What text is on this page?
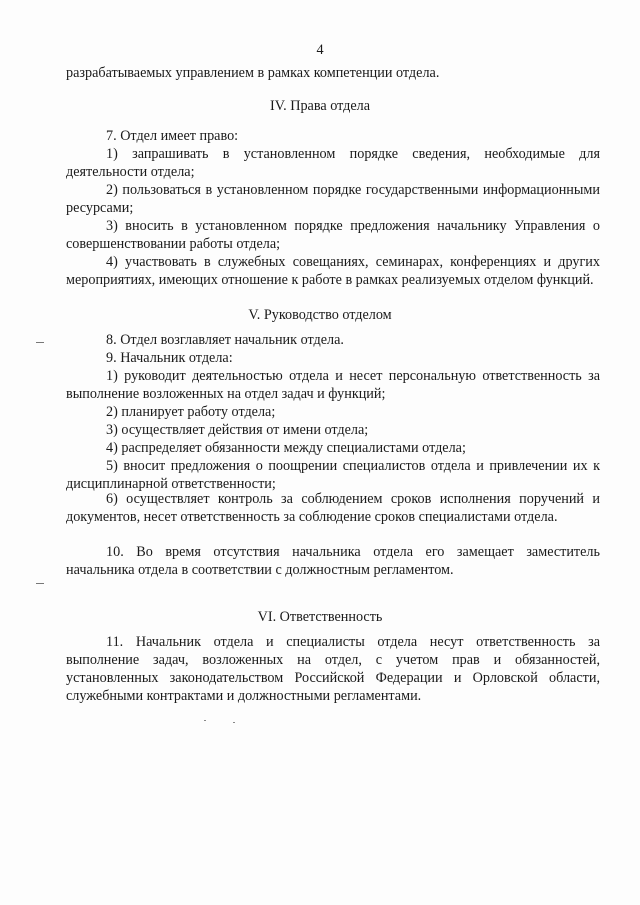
4
разрабатываемых управлением в рамках компетенции отдела.
IV. Права отдела
7. Отдел имеет право:
1) запрашивать в установленном порядке сведения, необходимые для деятельности отдела;
2) пользоваться в установленном порядке государственными информационными ресурсами;
3) вносить в установленном порядке предложения начальнику Управления о совершенствовании работы отдела;
4) участвовать в служебных совещаниях, семинарах, конференциях и других мероприятиях, имеющих отношение к работе в рамках реализуемых отделом функций.
V. Руководство отделом
8. Отдел возглавляет начальник отдела.
9. Начальник отдела:
1) руководит деятельностью отдела и несет персональную ответственность за выполнение возложенных на отдел задач и функций;
2) планирует работу отдела;
3) осуществляет действия от имени отдела;
4) распределяет обязанности между специалистами отдела;
5) вносит предложения о поощрении специалистов отдела и привлечении их к дисциплинарной ответственности;
6) осуществляет контроль за соблюдением сроков исполнения поручений и документов, несет ответственность за соблюдение сроков специалистами отдела.
10. Во время отсутствия начальника отдела его замещает заместитель начальника отдела в соответствии с должностным регламентом.
VI. Ответственность
11. Начальник отдела и специалисты отдела несут ответственность за выполнение задач, возложенных на отдел, с учетом прав и обязанностей, установленных законодательством Российской Федерации и Орловской области, служебными контрактами и должностными регламентами.
